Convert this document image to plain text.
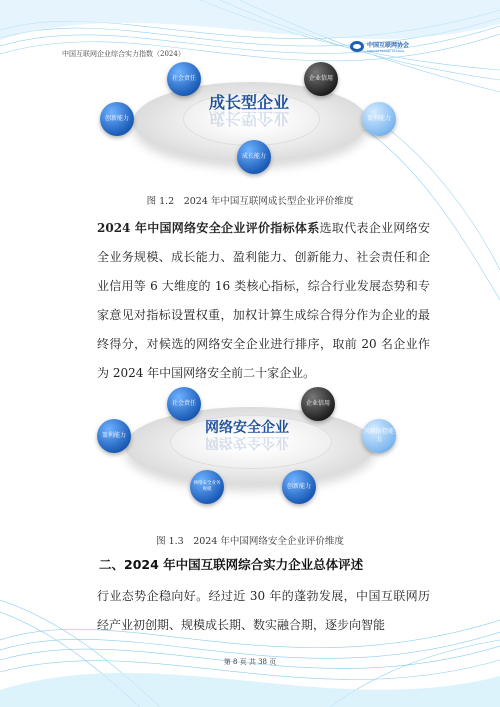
中国互联网企业综合实力指数（2024）
中国互联网协会
Internet Society of China
成长型企业
成长型企业
社会责任	企业信用
创新能力	盈利能力
成长能力
图 1.2　2024 年中国互联网成长型企业评价维度
2024 年中国网络安全企业评价指标体系选取代表企业网络安全业务规模、成长能力、盈利能力、创新能力、社会责任和企业信用等 6 大维度的 16 类核心指标，综合行业发展态势和专家意见对指标设置权重，加权计算生成综合得分作为企业的最终得分，对候选的网络安全企业进行排序，取前 20 名企业作为 2024 年中国网络安全前二十家企业。
网络安全企业
网络安全企业
社会责任	企业信用
盈利能力
风险防控能力
网络安全业务规模	创新能力
图 1.3　2024 年中国网络安全企业评价维度
二、2024 年中国互联网综合实力企业总体评述
行业态势企稳向好。经过近 30 年的蓬勃发展，中国互联网历经产业初创期、规模成长期、数实融合期，逐步向智能
第 8 页 共 38 页
